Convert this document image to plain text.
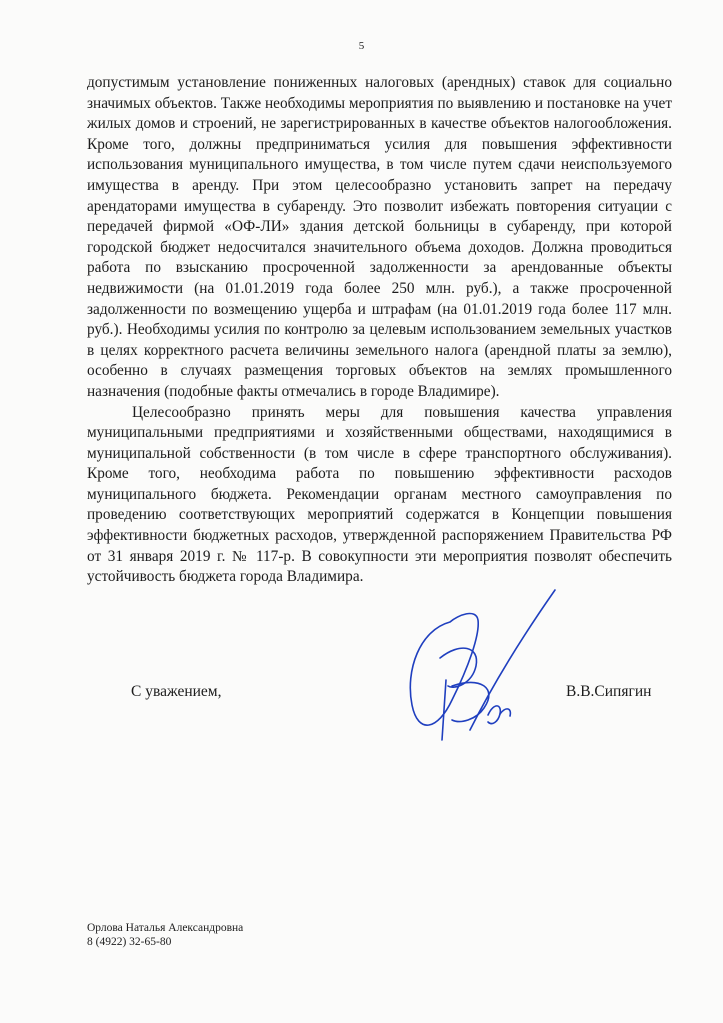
5

допустимым установление пониженных налоговых (арендных) ставок для социально значимых объектов. Также необходимы мероприятия по выявлению и постановке на учет жилых домов и строений, не зарегистрированных в качестве объектов налогообложения. Кроме того, должны предприниматься усилия для повышения эффективности использования муниципального имущества, в том числе путем сдачи неиспользуемого имущества в аренду. При этом целесообразно установить запрет на передачу арендаторами имущества в субаренду. Это позволит избежать повторения ситуации с передачей фирмой «ОФ-ЛИ» здания детской больницы в субаренду, при которой городской бюджет недосчитался значительного объема доходов. Должна проводиться работа по взысканию просроченной задолженности за арендованные объекты недвижимости (на 01.01.2019 года более 250 млн. руб.), а также просроченной задолженности по возмещению ущерба и штрафам (на 01.01.2019 года более 117 млн. руб.). Необходимы усилия по контролю за целевым использованием земельных участков в целях корректного расчета величины земельного налога (арендной платы за землю), особенно в случаях размещения торговых объектов на землях промышленного назначения (подобные факты отмечались в городе Владимире).

Целесообразно принять меры для повышения качества управления муниципальными предприятиями и хозяйственными обществами, находящимися в муниципальной собственности (в том числе в сфере транспортного обслуживания). Кроме того, необходима работа по повышению эффективности расходов муниципального бюджета. Рекомендации органам местного самоуправления по проведению соответствующих мероприятий содержатся в Концепции повышения эффективности бюджетных расходов, утвержденной распоряжением Правительства РФ от 31 января 2019 г. № 117-р. В совокупности эти мероприятия позволят обеспечить устойчивость бюджета города Владимира.

С уважением,	В.В.Сипягин
Орлова Наталья Александровна
8 (4922) 32-65-80
